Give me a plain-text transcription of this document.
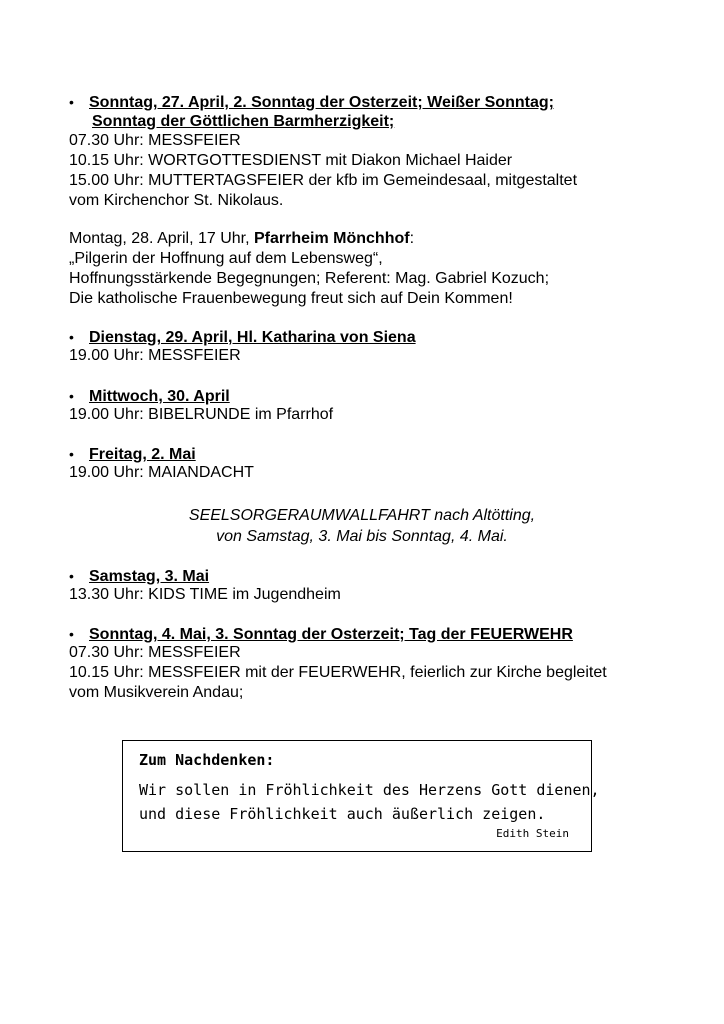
• Sonntag, 27. April, 2. Sonntag der Osterzeit; Weißer Sonntag;
Sonntag der Göttlichen Barmherzigkeit;
07.30 Uhr: MESSFEIER
10.15 Uhr: WORTGOTTESDIENST mit Diakon Michael Haider
15.00 Uhr: MUTTERTAGSFEIER der kfb im Gemeindesaal, mitgestaltet
vom Kirchenchor St. Nikolaus.
Montag, 28. April, 17 Uhr, Pfarrheim Mönchhof:
„Pilgerin der Hoffnung auf dem Lebensweg“,
Hoffnungsstärkende Begegnungen; Referent: Mag. Gabriel Kozuch;
Die katholische Frauenbewegung freut sich auf Dein Kommen!
• Dienstag, 29. April, Hl. Katharina von Siena
19.00 Uhr: MESSFEIER
• Mittwoch, 30. April
19.00 Uhr: BIBELRUNDE im Pfarrhof
• Freitag, 2. Mai
19.00 Uhr: MAIANDACHT
SEELSORGERAUMWALLFAHRT nach Altötting,
von Samstag, 3. Mai bis Sonntag, 4. Mai.
• Samstag, 3. Mai
13.30 Uhr: KIDS TIME im Jugendheim
• Sonntag, 4. Mai, 3. Sonntag der Osterzeit; Tag der FEUERWEHR
07.30 Uhr: MESSFEIER
10.15 Uhr: MESSFEIER mit der FEUERWEHR, feierlich zur Kirche begleitet
vom Musikverein Andau;
Zum Nachdenken:
Wir sollen in Fröhlichkeit des Herzens Gott dienen,
und diese Fröhlichkeit auch äußerlich zeigen.
Edith Stein
